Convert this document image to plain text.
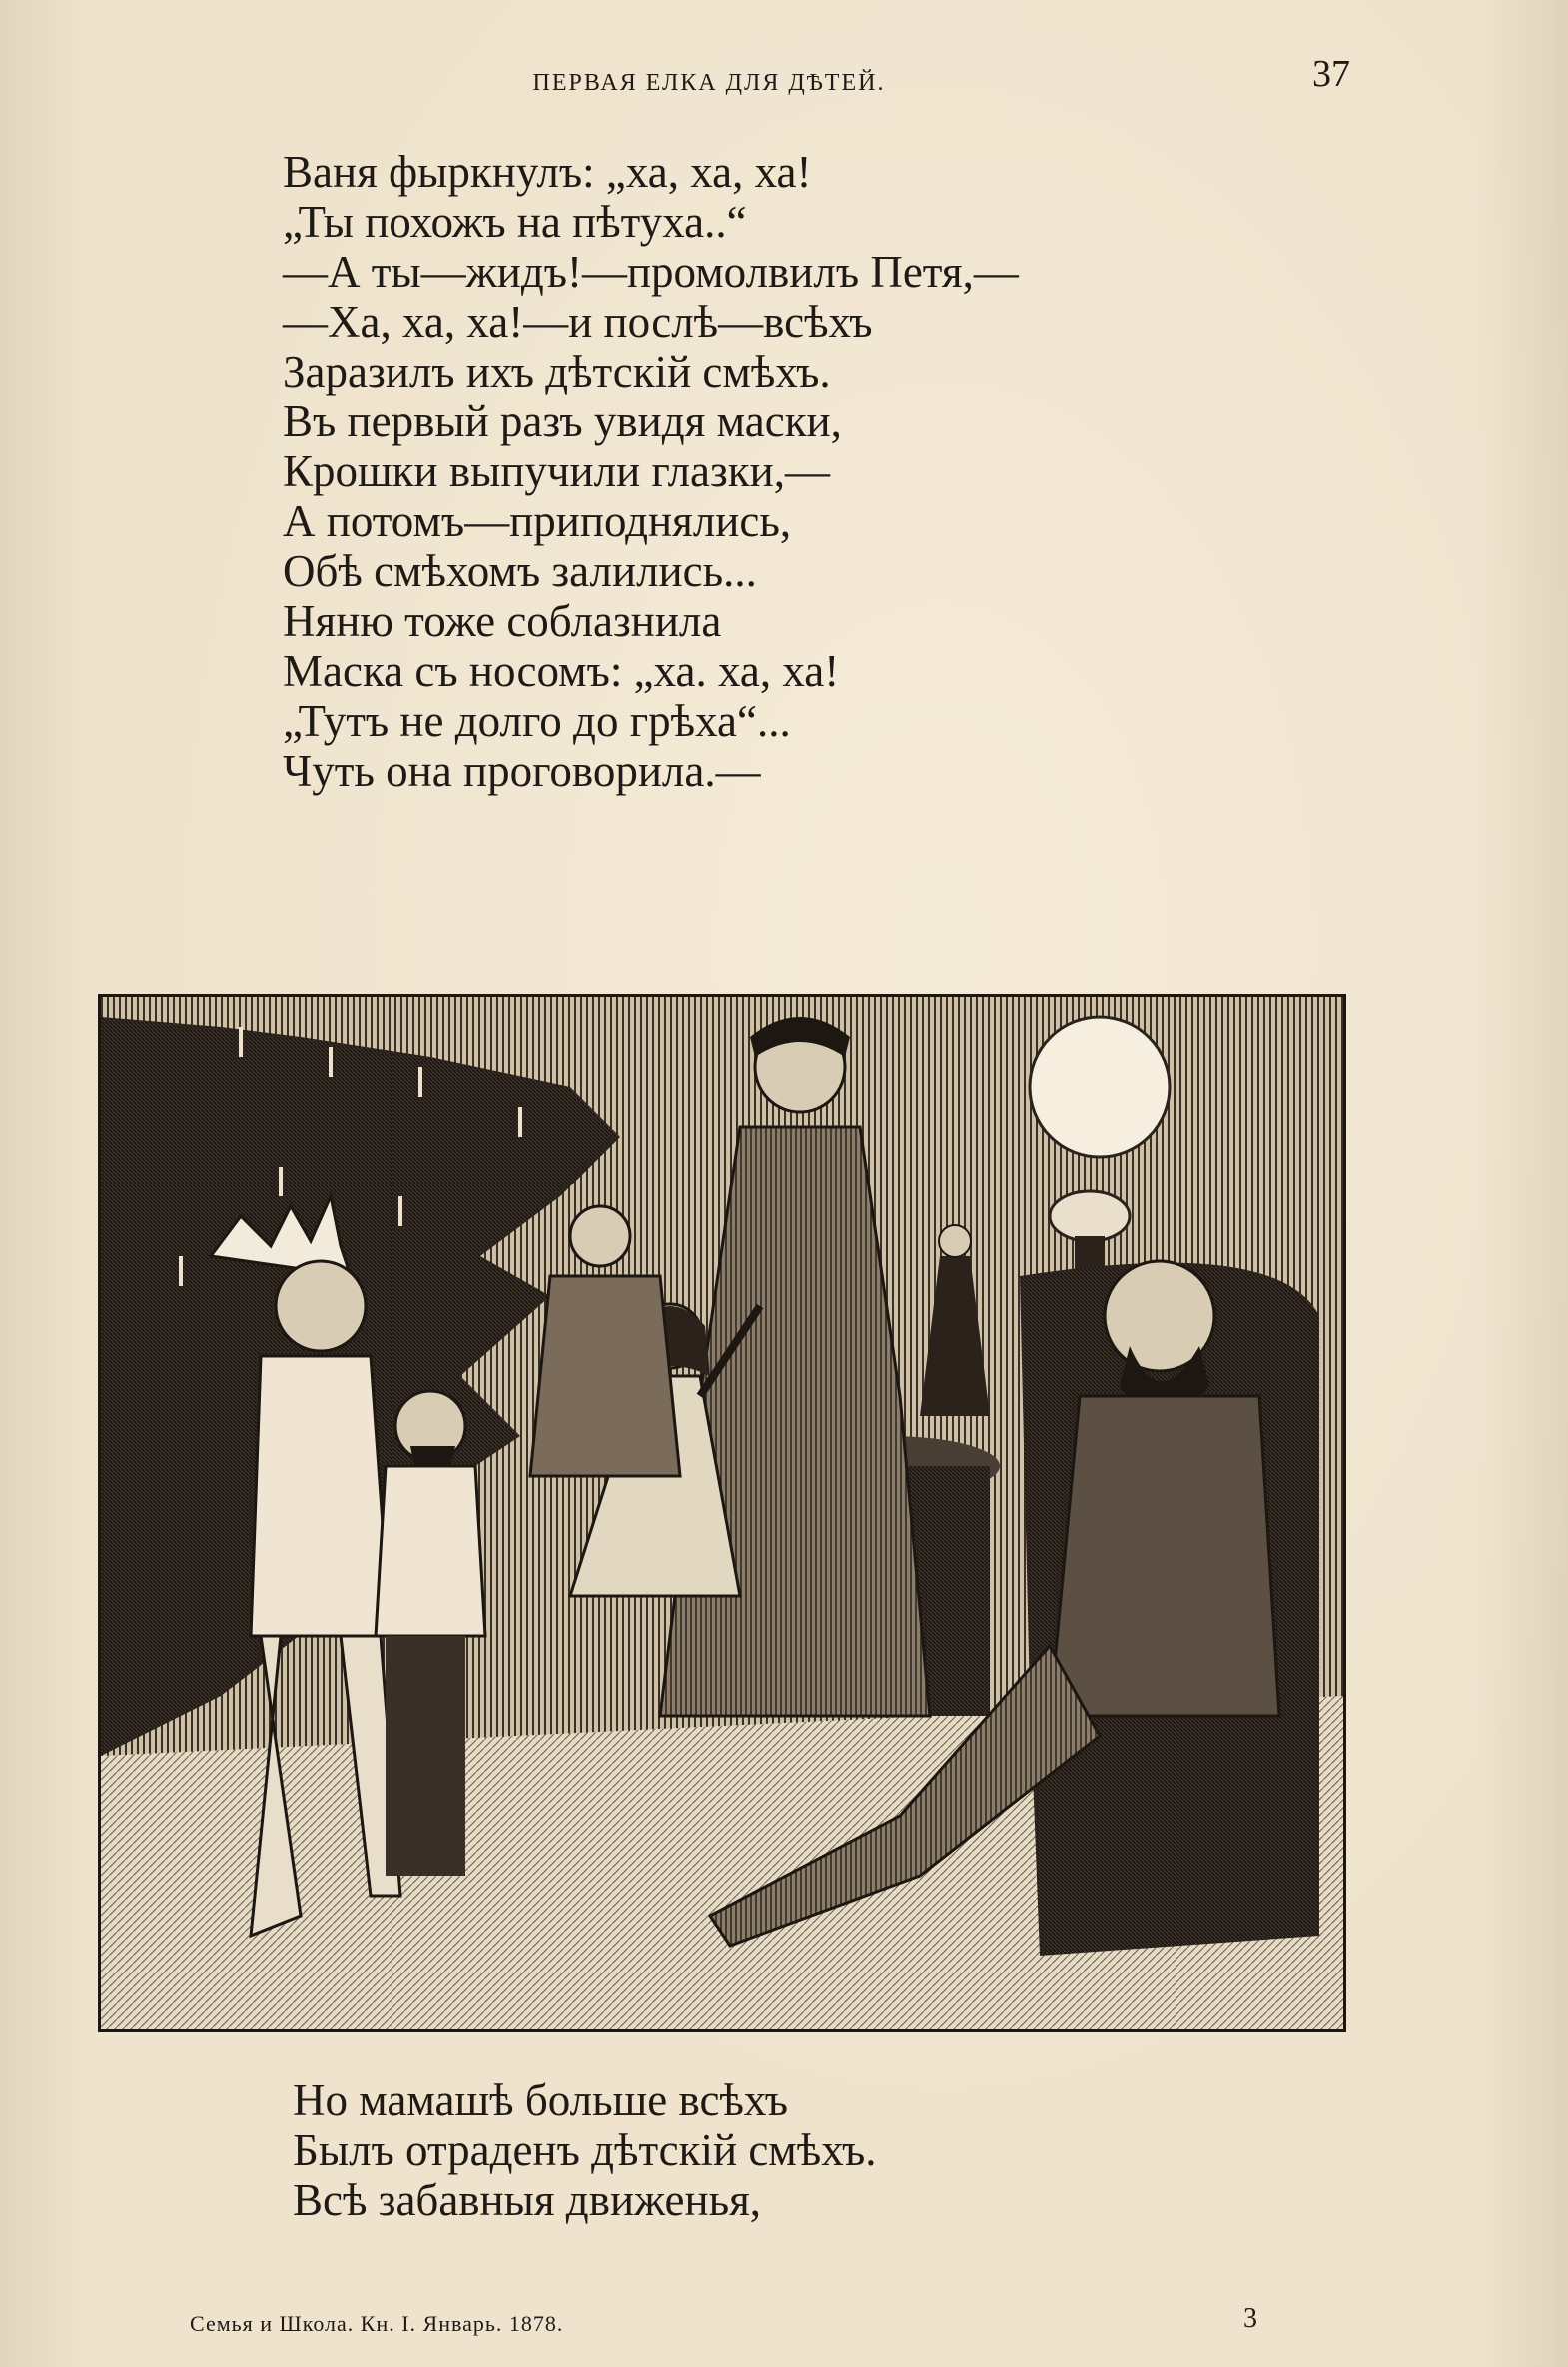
ПЕРВАЯ ЕЛКА ДЛЯ ДѢТЕЙ.	37
Ваня фыркнулъ: „ха, ха, ха!
„Ты похожъ на пѣтуха..“
—А ты—жидъ!—промолвилъ Петя,—
—Ха, ха, ха!—и послѣ—всѣхъ
Заразилъ ихъ дѣтскій смѣхъ.
Въ первый разъ увидя маски,
Крошки выпучили глазки,—
А потомъ—приподнялись,
Обѣ смѣхомъ залились...
Няню тоже соблазнила
Маска съ носомъ: „ха. ха, ха!
„Тутъ не долго до грѣха“...
Чуть она проговорила.—
Но мамашѣ больше всѣхъ
Былъ отраденъ дѣтскій смѣхъ.
Всѣ забавныя движенья,
Семья и Школа. Кн. I. Январь. 1878.	3
